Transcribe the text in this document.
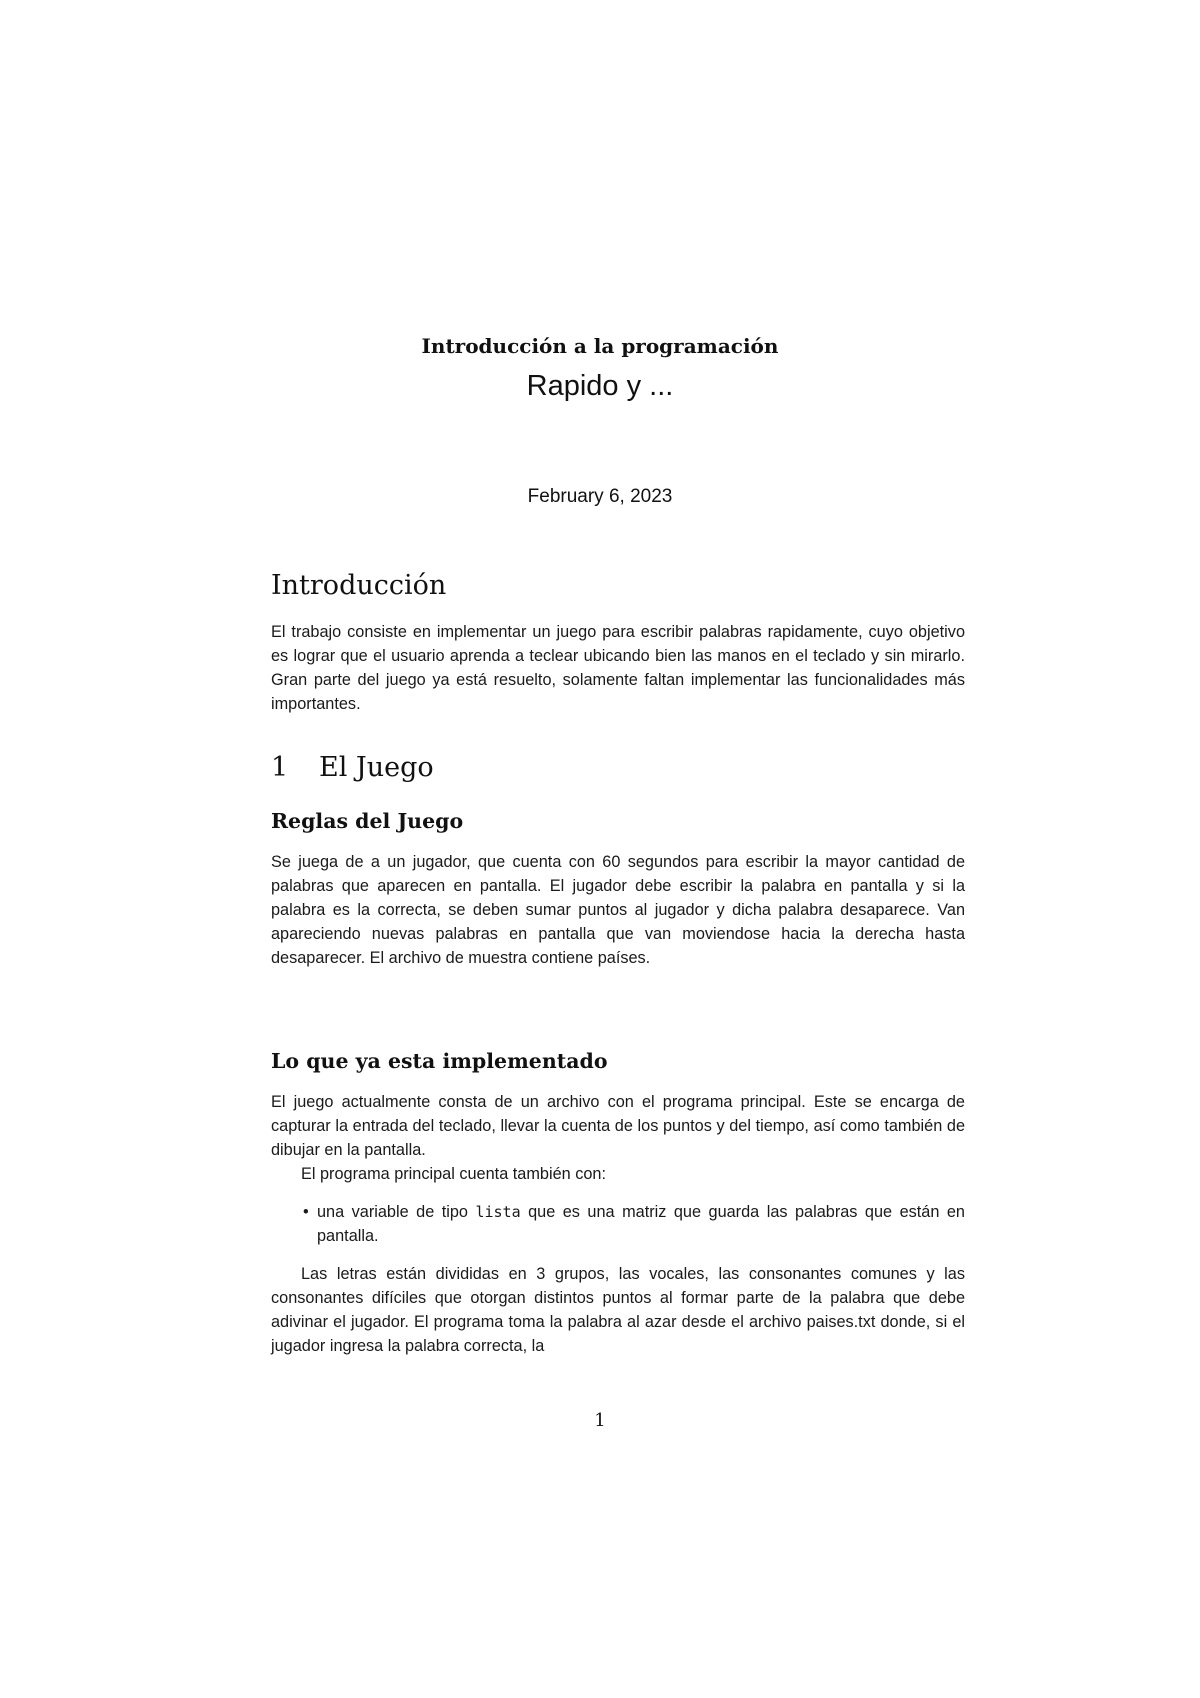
Introducción a la programación
Rapido y ...
February 6, 2023
Introducción

El trabajo consiste en implementar un juego para escribir palabras rapidamente, cuyo objetivo es lograr que el usuario aprenda a teclear ubicando bien las manos en el teclado y sin mirarlo. Gran parte del juego ya está resuelto, solamente faltan implementar las funcionalidades más importantes.

1 El Juego
Reglas del Juego

Se juega de a un jugador, que cuenta con 60 segundos para escribir la mayor cantidad de palabras que aparecen en pantalla. El jugador debe escribir la palabra en pantalla y si la palabra es la correcta, se deben sumar puntos al jugador y dicha palabra desaparece. Van apareciendo nuevas palabras en pantalla que van moviendose hacia la derecha hasta desaparecer. El archivo de muestra contiene países.

Lo que ya esta implementado

El juego actualmente consta de un archivo con el programa principal. Este se encarga de capturar la entrada del teclado, llevar la cuenta de los puntos y del tiempo, así como también de dibujar en la pantalla.

El programa principal cuenta también con:

• una variable de tipo lista que es una matriz que guarda las palabras que están en pantalla.

Las letras están divididas en 3 grupos, las vocales, las consonantes comunes y las consonantes difíciles que otorgan distintos puntos al formar parte de la palabra que debe adivinar el jugador. El programa toma la palabra al azar desde el archivo paises.txt donde, si el jugador ingresa la palabra correcta, la

1
